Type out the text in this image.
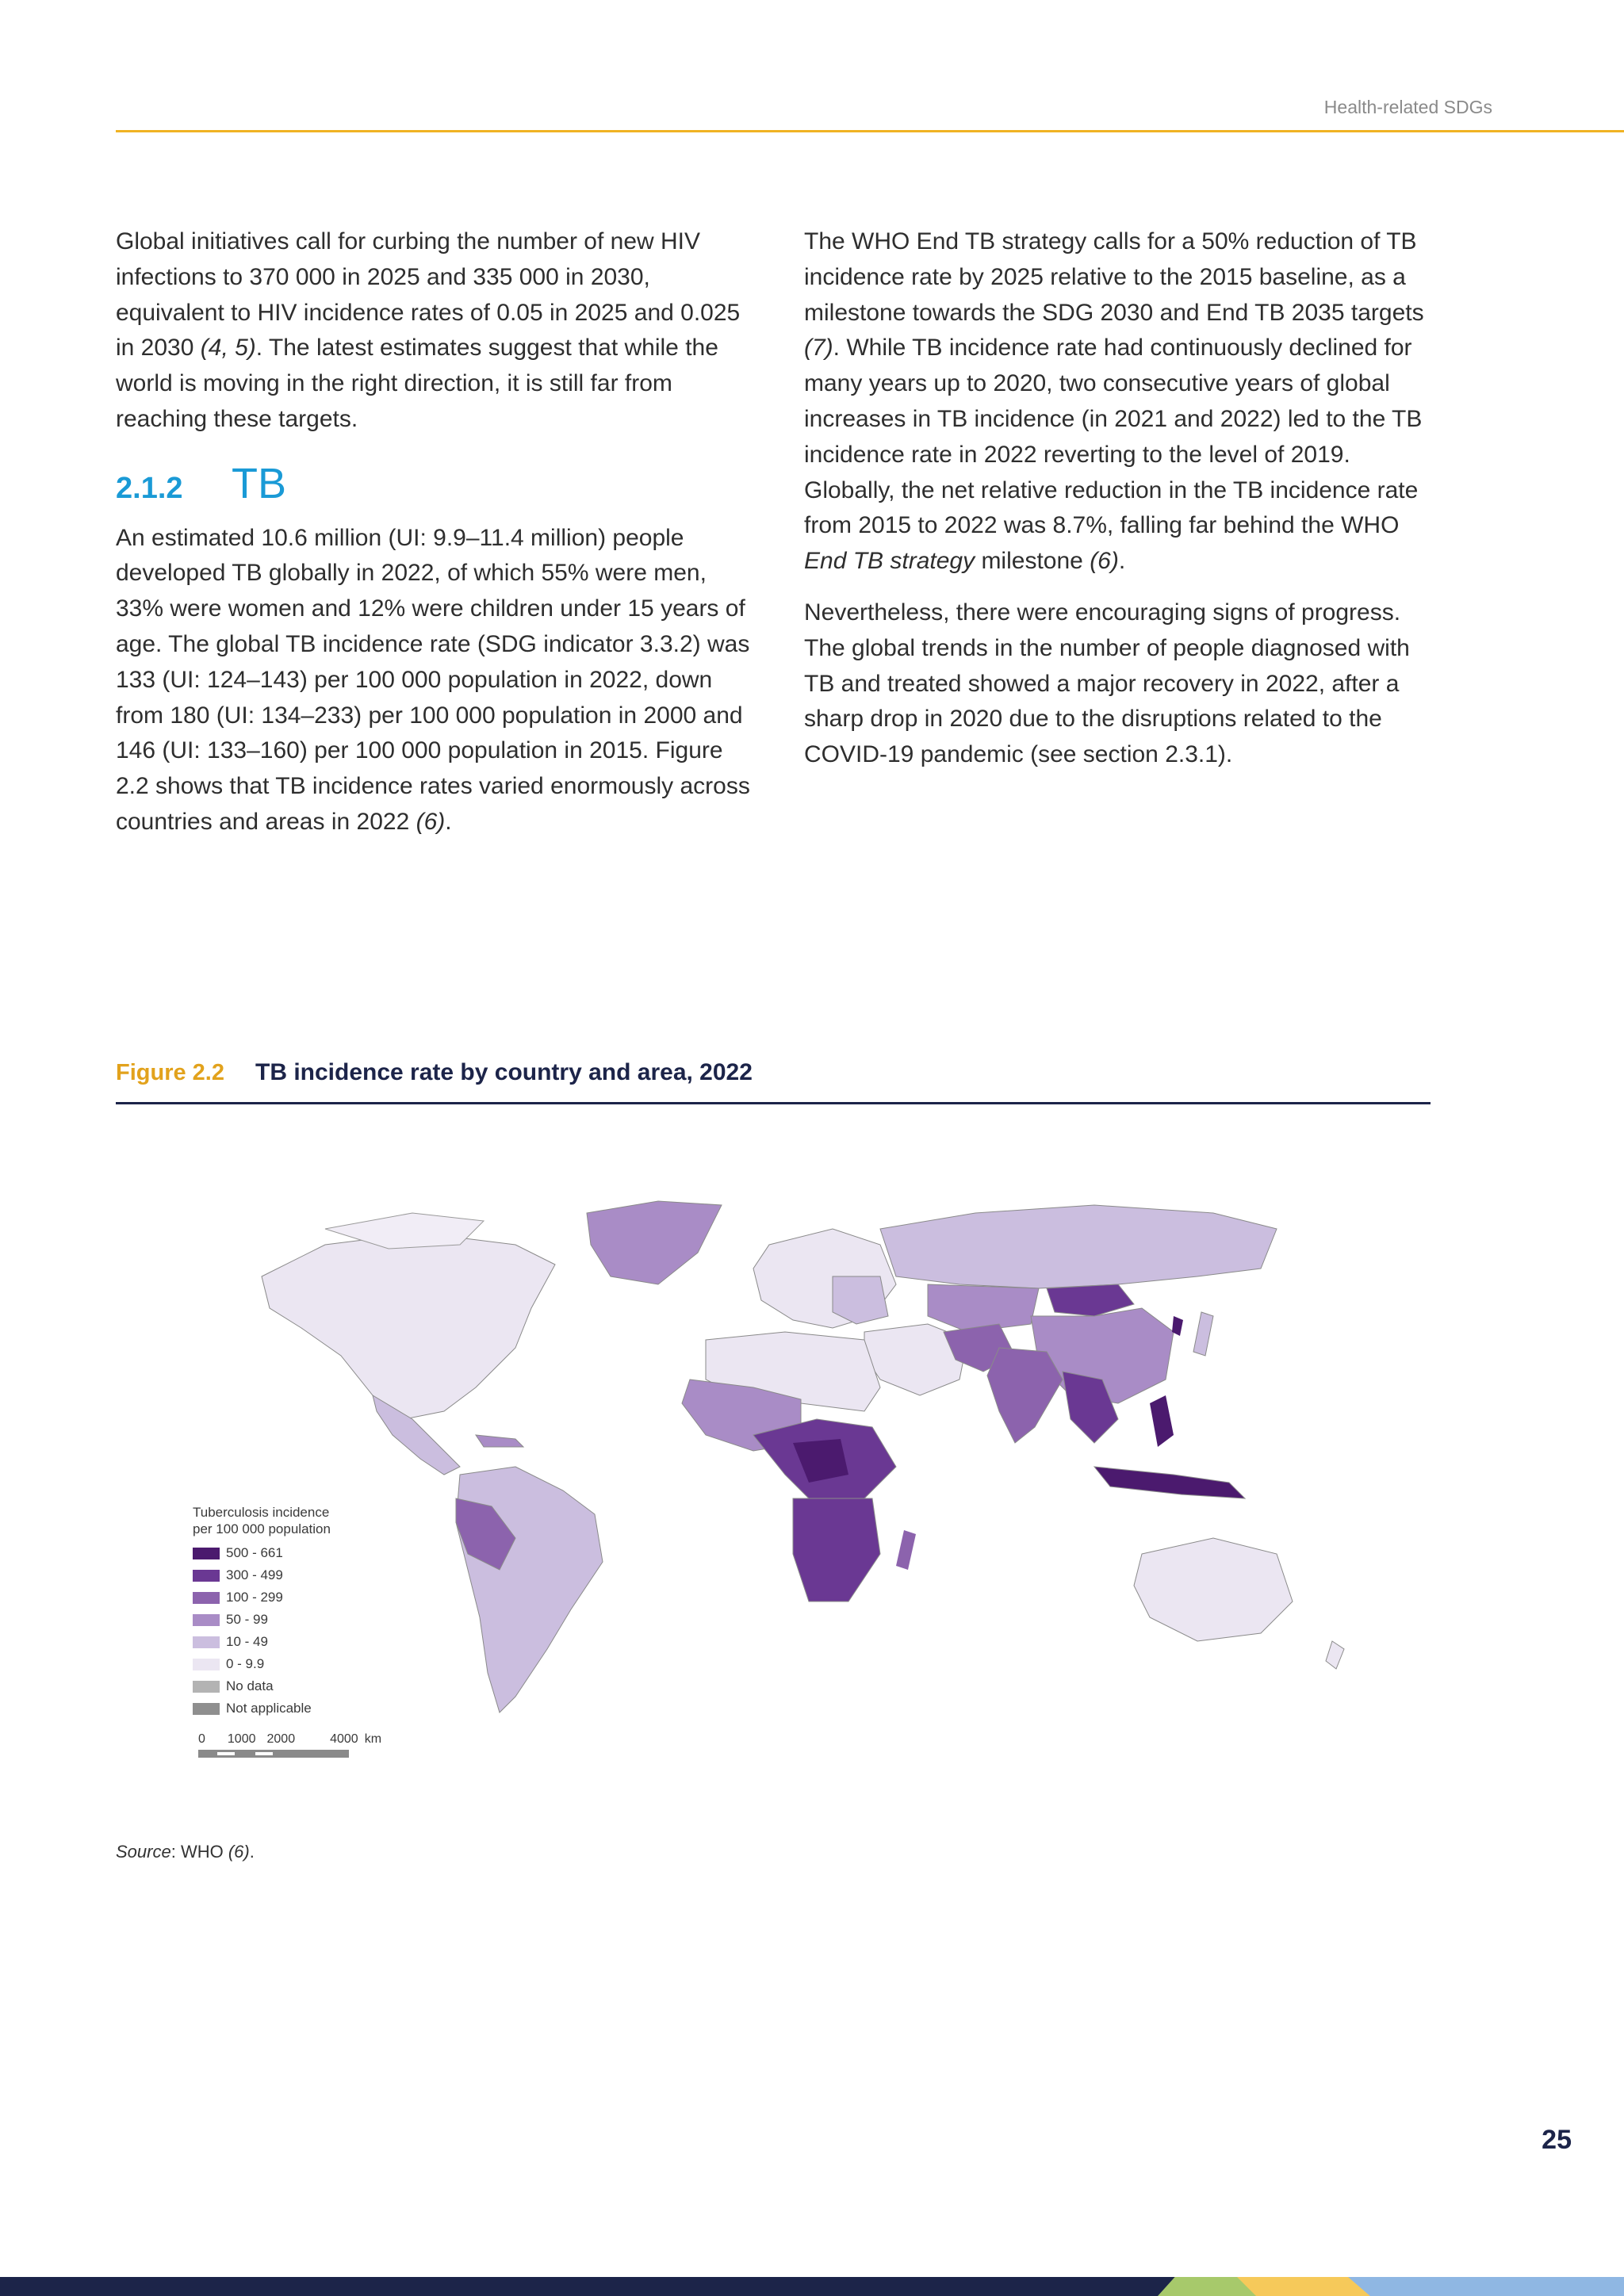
Health-related SDGs

Global initiatives call for curbing the number of new HIV infections to 370 000 in 2025 and 335 000 in 2030, equivalent to HIV incidence rates of 0.05 in 2025 and 0.025 in 2030 (4, 5). The latest estimates suggest that while the world is moving in the right direction, it is still far from reaching these targets.

2.1.2	TB

An estimated 10.6 million (UI: 9.9–11.4 million) people developed TB globally in 2022, of which 55% were men, 33% were women and 12% were children under 15 years of age. The global TB incidence rate (SDG indicator 3.3.2) was 133 (UI: 124–143) per 100 000 population in 2022, down from 180 (UI: 134–233) per 100 000 population in 2000 and 146 (UI: 133–160) per 100 000 population in 2015. Figure 2.2 shows that TB incidence rates varied enormously across countries and areas in 2022 (6).

The WHO End TB strategy calls for a 50% reduction of TB incidence rate by 2025 relative to the 2015 baseline, as a milestone towards the SDG 2030 and End TB 2035 targets (7). While TB incidence rate had continuously declined for many years up to 2020, two consecutive years of global increases in TB incidence (in 2021 and 2022) led to the TB incidence rate in 2022 reverting to the level of 2019. Globally, the net relative reduction in the TB incidence rate from 2015 to 2022 was 8.7%, falling far behind the WHO End TB strategy milestone (6).

Nevertheless, there were encouraging signs of progress. The global trends in the number of people diagnosed with TB and treated showed a major recovery in 2022, after a sharp drop in 2020 due to the disruptions related to the COVID-19 pandemic (see section 2.3.1).

Figure 2.2	TB incidence rate by country and area, 2022
Tuberculosis incidence
per 100 000 population
500 - 661
300 - 499
100 - 299
50 - 99
10 - 49
0 - 9.9
No data
Not applicable
0 1000 2000	4000 km
Source: WHO (6).
25
